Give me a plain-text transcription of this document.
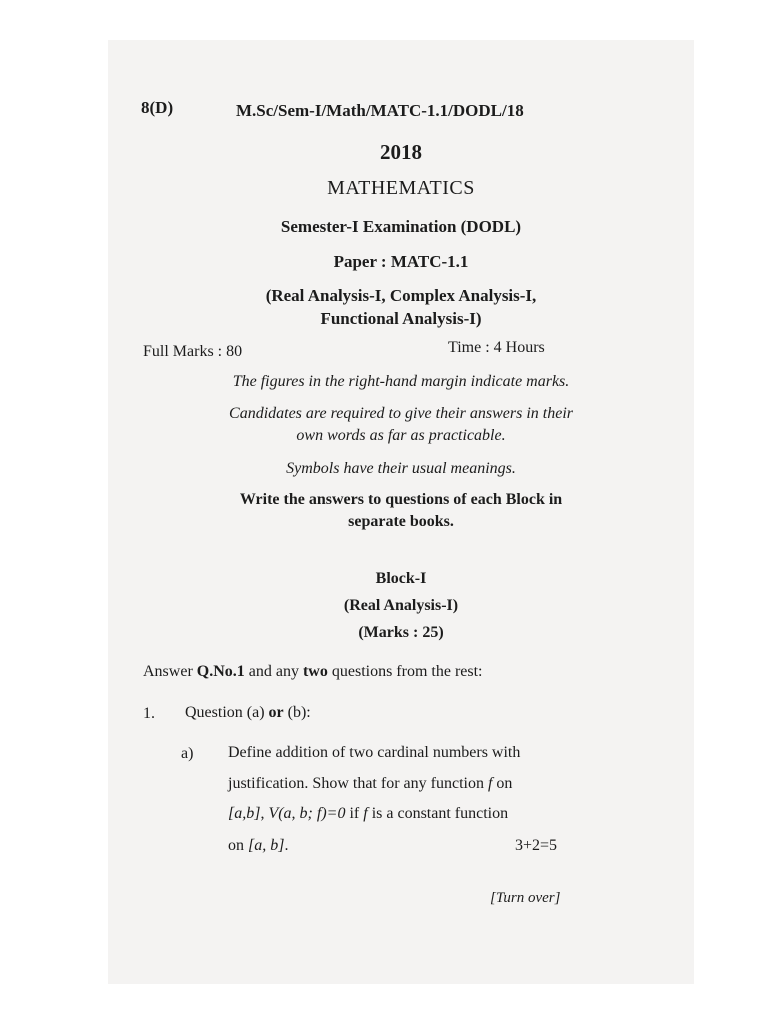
8(D)	M.Sc/Sem-I/Math/MATC-1.1/DODL/18
2018
MATHEMATICS
Semester-I Examination (DODL)
Paper : MATC-1.1
(Real Analysis-I, Complex Analysis-I,
Functional Analysis-I)
Full Marks : 80	Time : 4 Hours
The figures in the right-hand margin indicate marks.
Candidates are required to give their answers in their
own words as far as practicable.
Symbols have their usual meanings.
Write the answers to questions of each Block in
separate books.
Block-I
(Real Analysis-I)
(Marks : 25)
Answer Q.No.1 and any two questions from the rest:
1. Question (a) or (b):
a) Define addition of two cardinal numbers with
justification. Show that for any function f on
[a,b], V(a, b; f)=0 if f is a constant function
on [a, b].	3+2=5
[Turn over]
